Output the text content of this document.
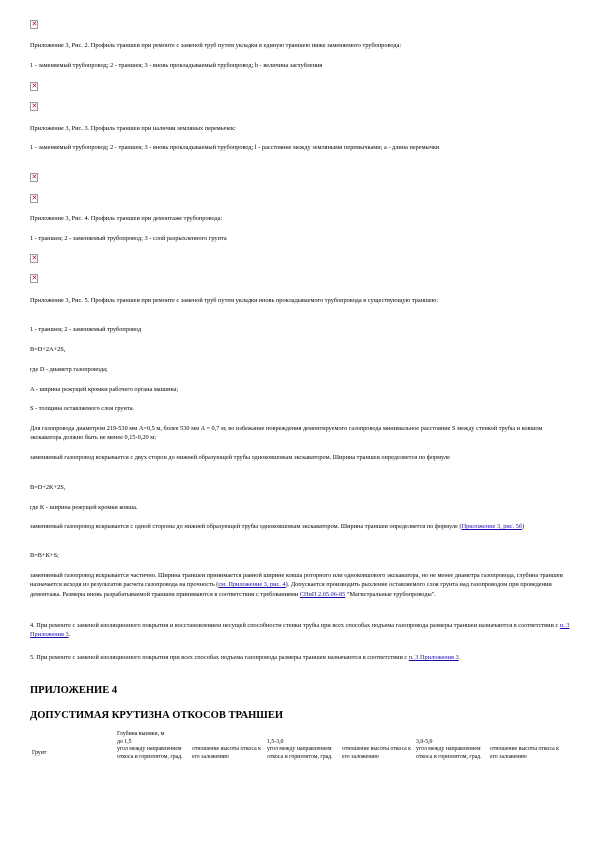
✕
Приложение 3, Рис. 2. Профиль траншеи при ремонте с заменой труб путем укладки в единую траншею ниже заменяемого трубопровода:
1 - заменяемый трубопровод; 2 - траншея; 3 - вновь прокладываемый трубопровод; h - величина заглубления
✕
✕
Приложение 3, Рис. 3. Профиль траншеи при наличии земляных перемычек:
1 - заменяемый трубопровод; 2 - траншея; 3 - вновь прокладываемый трубопровод; l - расстояние между земляными перемычками; a - длина перемычки
✕
✕
Приложение 3, Рис. 4. Профиль траншеи при демонтаже трубопровода:
1 - траншея; 2 - заменяемый трубопровод; 3 - слой разрыхленного грунта
✕
✕
Приложение 3, Рис. 5. Профиль траншеи при ремонте с заменой труб путем укладки вновь прокладываемого трубопровода в существующую траншею:
1 - траншея; 2 - заменяемый трубопровод
B=D+2A+2S,
где D - диаметр газопровода;
A - ширина режущей кромки рабочего органа машины;
S - толщина оставляемого слоя грунта.
Для газопровода диаметром 219-530 мм A=0,5 м, более 530 мм A = 0,7 м; во избежание повреждения демонтируемого газопровода минимальное расстояние S между стенкой трубы и ковшом экскаватора должно быть не менее 0,15-0,20 м;
заменяемый газопровод вскрывается с двух сторон до нижней образующей трубы одноковшовым экскаватором. Ширина траншеи определяется по формуле
B=D+2K+2S,
где K - ширина режущей кромки ковша.
заменяемый газопровод вскрывается с одной стороны до нижней образующей трубы одноковшовым экскаватором. Ширина траншеи определяется по формуле (Приложение 3, рис. 5б)
B=B+K+S;
заменяемый газопровод вскрывается частично. Ширина траншеи принимается равной ширине ковша роторного или одноковшового экскаватора, но не менее диаметра газопровода, глубина траншеи назначается исходя из результатов расчета газопровода на прочность (см. Приложение 3, рис. 4). Допускается производить рыхление оставляемого слоя грунта над газопроводом при проведении демонтажа. Размеры вновь разрабатываемой траншеи принимаются в соответствии с требованиями СНиП 2.05.06-85 "Магистральные трубопроводы".
4. При ремонте с заменой изоляционного покрытия и восстановлением несущей способности стенки трубы при всех способах подъема газопровода размеры траншеи назначаются в соответствии с п. 3 Приложения 3.
5. При ремонте с заменой изоляционного покрытия при всех способах подъема газопровода размеры траншеи назначаются в соответствии с п. 3 Приложения 3.
ПРИЛОЖЕНИЕ 4
ДОПУСТИМАЯ КРУТИЗНА ОТКОСОВ ТРАНШЕИ
	Глубина выемки, м					
	до 1,5		1,5-3,0		3,0-5,0	
Грунт	угол между направлением откоса и горизонтом, град.	отношение высоты откоса к его заложению	угол между направлением откоса и горизонтом, град.	отношение высоты откоса к его заложению	угол между направлением откоса и горизонтом, град.	отношение высоты откоса к его заложению
